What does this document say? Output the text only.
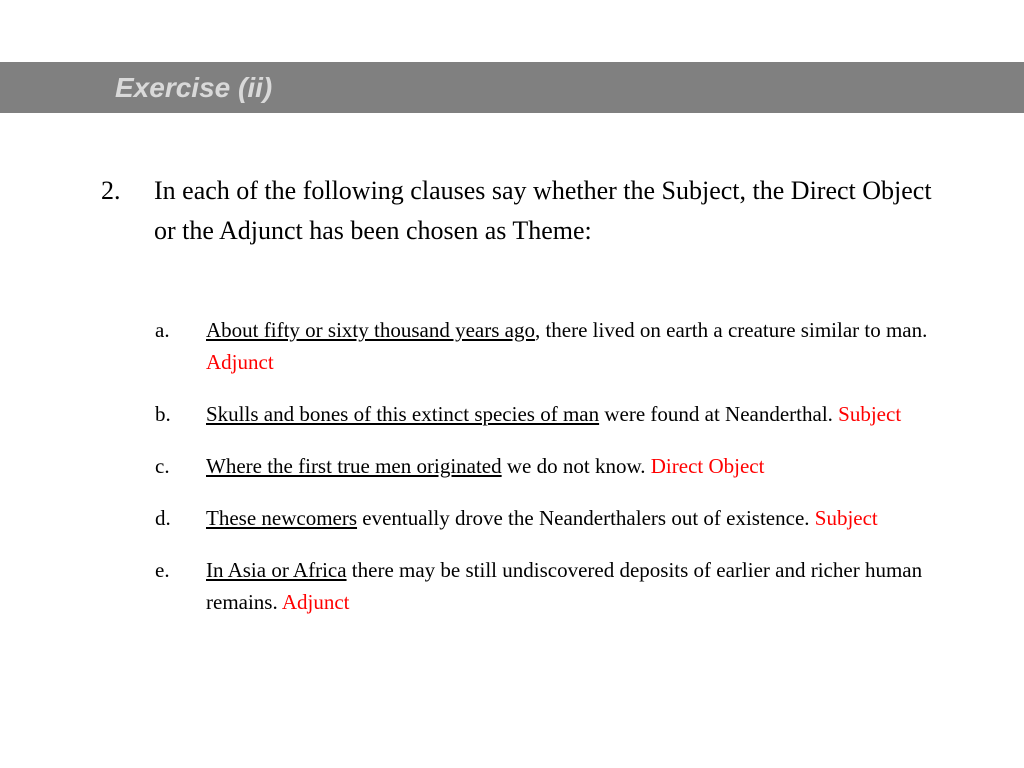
Exercise (ii)
2. In each of the following clauses say whether the Subject, the Direct Object or the Adjunct has been chosen as Theme:
a. About fifty or sixty thousand years ago, there lived on earth a creature similar to man. Adjunct
b. Skulls and bones of this extinct species of man were found at Neanderthal. Subject
c. Where the first true men originated we do not know. Direct Object
d. These newcomers eventually drove the Neanderthalers out of existence. Subject
e. In Asia or Africa there may be still undiscovered deposits of earlier and richer human remains. Adjunct
